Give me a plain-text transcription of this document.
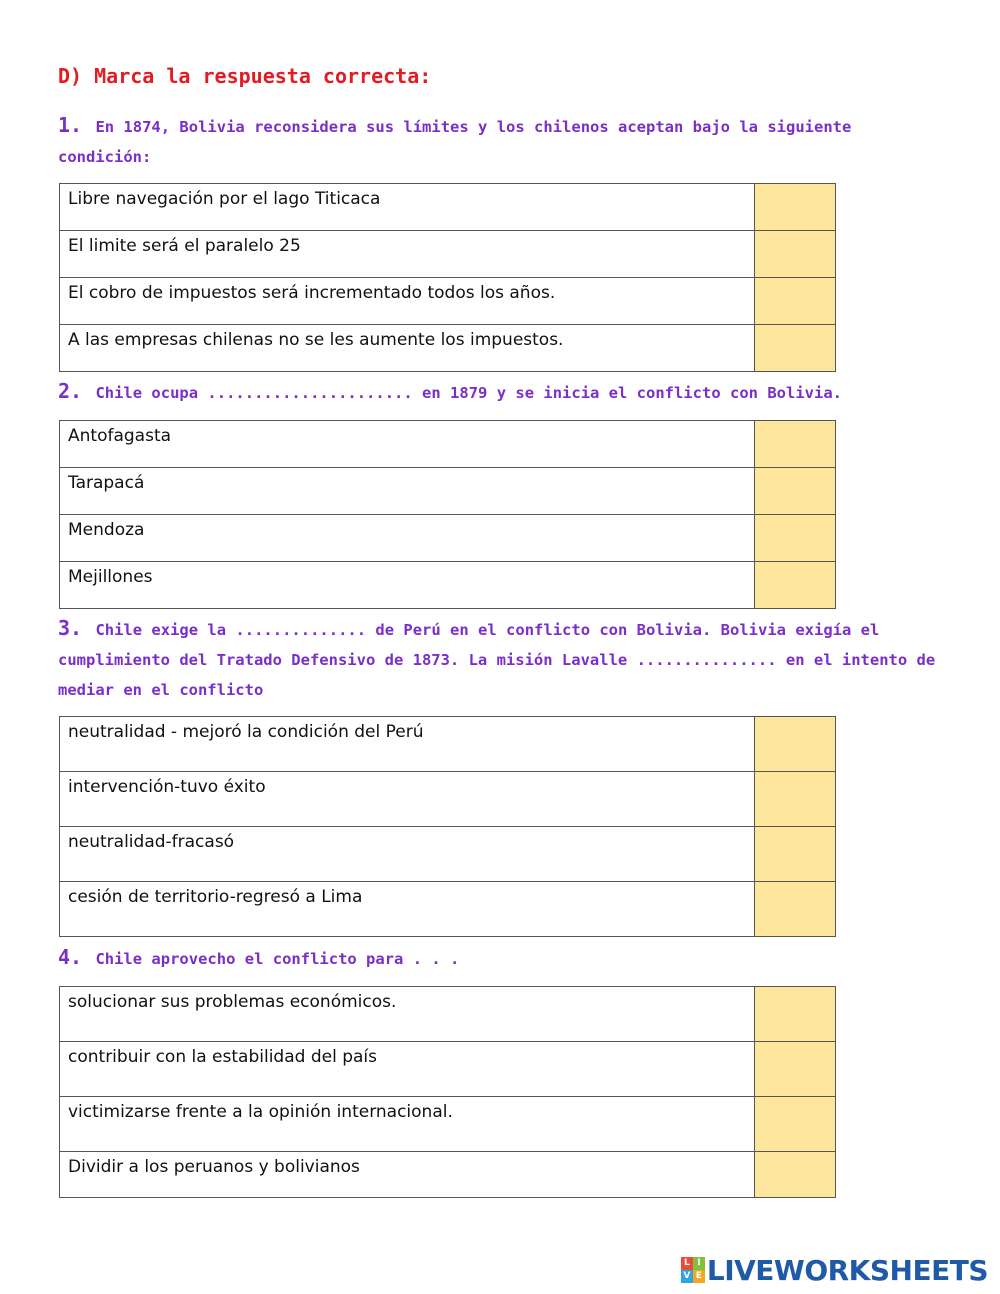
D) Marca la respuesta correcta:
1. En 1874, Bolivia reconsidera sus límites y los chilenos aceptan bajo la siguiente condición:
Libre navegación por el lago Titicaca	
El limite será el paralelo 25	
El cobro de impuestos será incrementado todos los años.	
A las empresas chilenas no se les aumente los impuestos.	
2. Chile ocupa ...................... en 1879 y se inicia el conflicto con Bolivia.
Antofagasta	
Tarapacá	
Mendoza	
Mejillones	
3. Chile exige la .............. de Perú en el conflicto con Bolivia. Bolivia exigía el cumplimiento del Tratado Defensivo de 1873. La misión Lavalle ............... en el intento de mediar en el conflicto
neutralidad - mejoró la condición del Perú	
intervención-tuvo éxito	
neutralidad-fracasó	
cesión de territorio-regresó a Lima	
4. Chile aprovecho el conflicto para . . .
solucionar sus problemas económicos.	
contribuir con la estabilidad del país	
victimizarse frente a la opinión internacional.	
Dividir a los peruanos y bolivianos	
L I
V E LIVEWORKSHEETS
